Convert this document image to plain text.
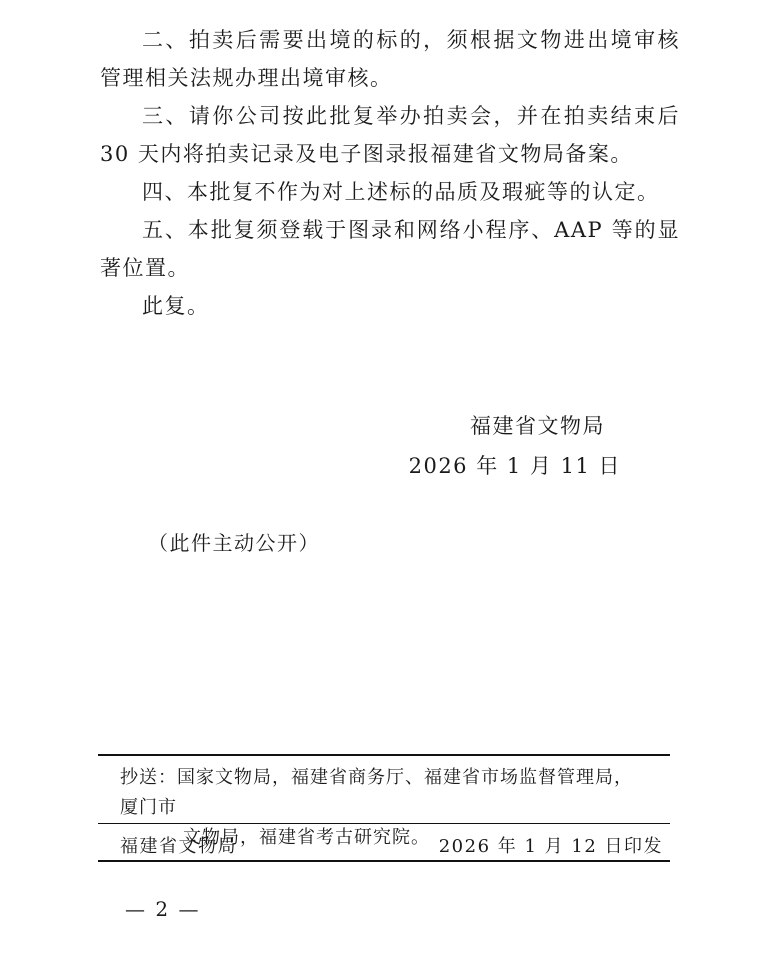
二、拍卖后需要出境的标的，须根据文物进出境审核管理相关法规办理出境审核。

三、请你公司按此批复举办拍卖会，并在拍卖结束后 30 天内将拍卖记录及电子图录报福建省文物局备案。

四、本批复不作为对上述标的品质及瑕疵等的认定。

五、本批复须登载于图录和网络小程序、AAP 等的显著位置。

此复。

福建省文物局

2026 年 1 月 11 日

（此件主动公开）

抄送：国家文物局，福建省商务厅、福建省市场监督管理局，厦门市
文物局，福建省考古研究院。

福建省文物局	2026 年 1 月 12 日印发

— 2 —
